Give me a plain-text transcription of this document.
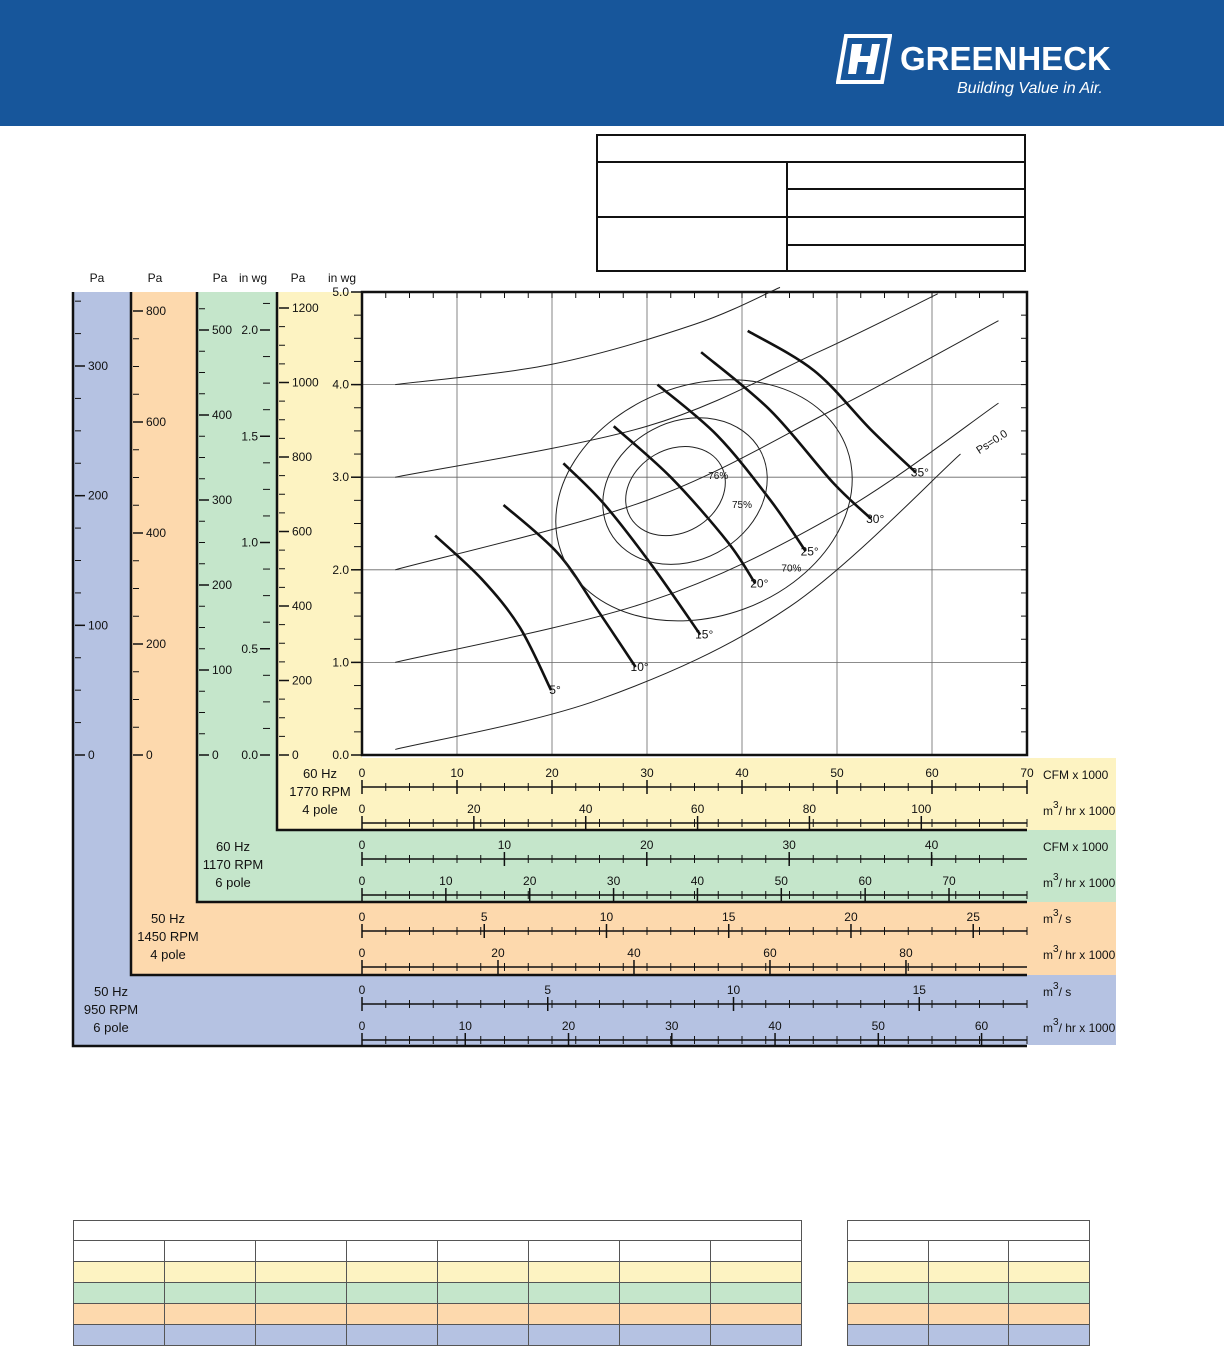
GREENHECK
Building Value in Air.
Pa	Pa	Pa in wg Pa in wg
0
100
200
300
0
200
400
600
800
0
100
200
300
400
500
0.0
0.5
1.0
1.5
2.0
0
200
400
600
800
1000
1200
0.0
1.0
2.0
3.0
4.0
5.0
0	10	20	30	40	50	60	70 CFM x 1000
60 Hz
1770 RPM
4 pole 0	20	40	60	80	100	$m^3/$ hr x 1000
0	10	20	30	40	CFM x 1000
60 Hz
1170 RPM
6 pole	0	10	20	30	40	50	60	70	$m^3/$ hr x 1000
0	5	10	15	20	25	$m^3/$ s
50 Hz
1450 RPM
4 pole	0	20	40	60	80	$m^3/$ hr x 1000
0	5	10	15	$m^3/$ s
50 Hz
950 RPM
6 pole	0	10	20	30	40	50	60	$m^3/$ hr x 1000
5°
10°
15°
20°
25°
30°
35°
76%
75%
70%
Ps=0.0
